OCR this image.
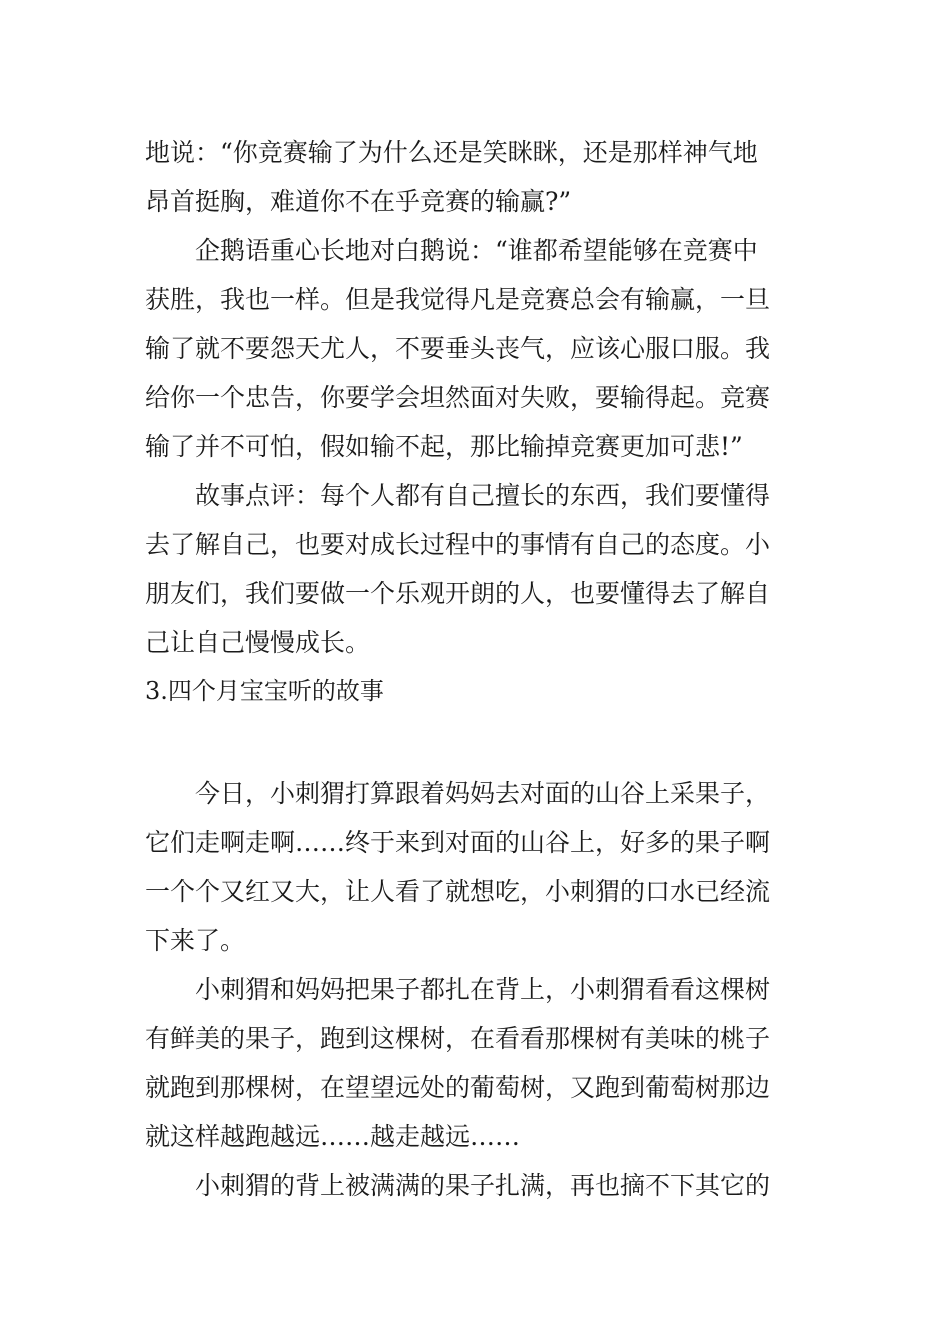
地说：“你竞赛输了为什么还是笑眯眯，还是那样神气地
昂首挺胸，难道你不在乎竞赛的输赢?”
企鹅语重心长地对白鹅说：“谁都希望能够在竞赛中
获胜，我也一样。但是我觉得凡是竞赛总会有输赢，一旦
输了就不要怨天尤人，不要垂头丧气，应该心服口服。我
给你一个忠告，你要学会坦然面对失败，要输得起。竞赛
输了并不可怕，假如输不起，那比输掉竞赛更加可悲!”
故事点评：每个人都有自己擅长的东西，我们要懂得
去了解自己，也要对成长过程中的事情有自己的态度。小
朋友们，我们要做一个乐观开朗的人，也要懂得去了解自
己让自己慢慢成长。
3.四个月宝宝听的故事
今日，小刺猬打算跟着妈妈去对面的山谷上采果子，
它们走啊走啊……终于来到对面的山谷上，好多的果子啊
一个个又红又大，让人看了就想吃，小刺猬的口水已经流
下来了。
小刺猬和妈妈把果子都扎在背上，小刺猬看看这棵树
有鲜美的果子，跑到这棵树，在看看那棵树有美味的桃子
就跑到那棵树，在望望远处的葡萄树，又跑到葡萄树那边
就这样越跑越远……越走越远……
小刺猬的背上被满满的果子扎满，再也摘不下其它的
